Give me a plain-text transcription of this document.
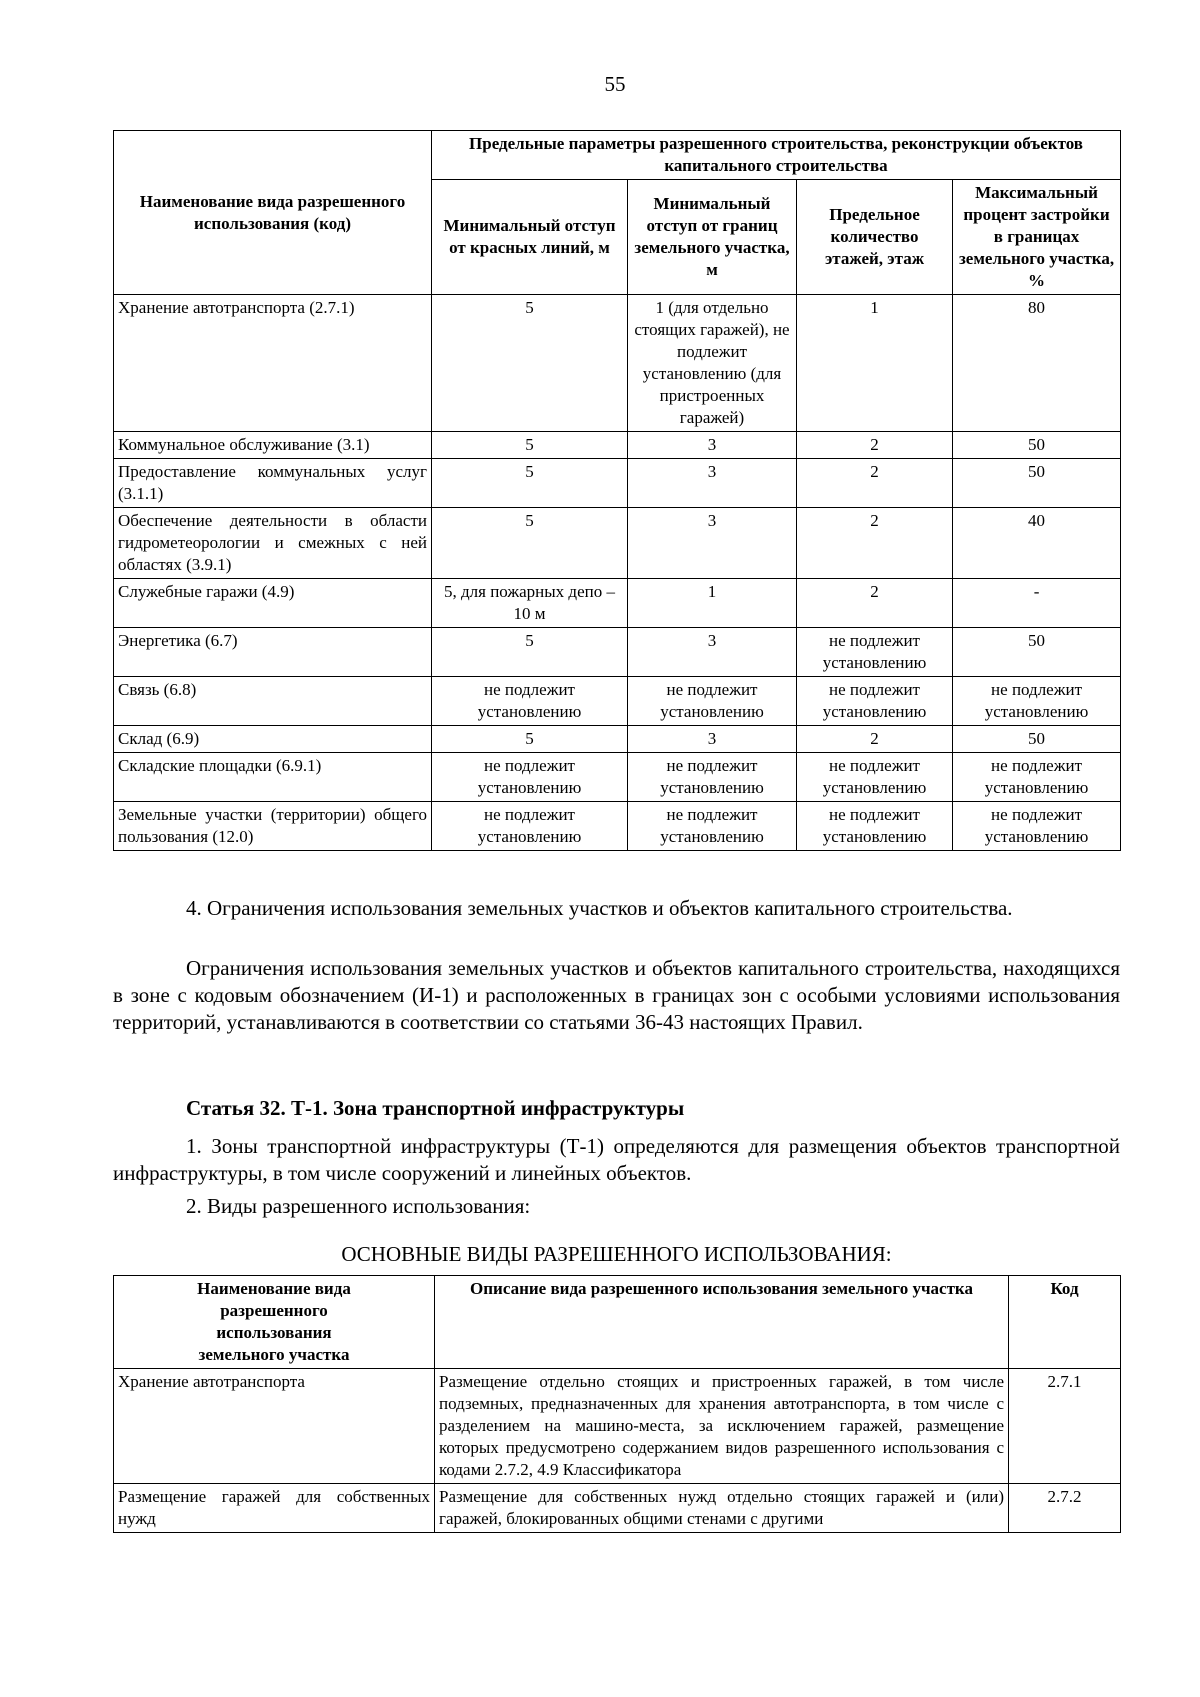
55
Наименование вида разрешенного использования (код)	Предельные параметры разрешенного строительства, реконструкции объектов капитального строительства			
	Минимальный отступ от красных линий, м	Минимальный отступ от границ земельного участка, м	Предельное количество этажей, этаж	Максимальный процент застройки в границах земельного участка, %
Хранение автотранспорта (2.7.1)	5	1 (для отдельно стоящих гаражей), не подлежит установлению (для пристроенных гаражей)	1	80
Коммунальное обслуживание (3.1)	5	3	2	50
Предоставление коммунальных услуг (3.1.1)	5	3	2	50
Обеспечение деятельности в области гидрометеорологии и смежных с ней областях (3.9.1)	5	3	2	40
Служебные гаражи (4.9)	5, для пожарных депо – 10 м	1	2	-
Энергетика (6.7)	5	3	не подлежит установлению	50
Связь (6.8)	не подлежит установлению	не подлежит установлению	не подлежит установлению	не подлежит установлению
Склад (6.9)	5	3	2	50
Складские площадки (6.9.1)	не подлежит установлению	не подлежит установлению	не подлежит установлению	не подлежит установлению
Земельные участки (территории) общего пользования (12.0)	не подлежит установлению	не подлежит установлению	не подлежит установлению	не подлежит установлению
4. Ограничения использования земельных участков и объектов капитального строительства.
Ограничения использования земельных участков и объектов капитального строительства, находящихся в зоне с кодовым обозначением (И-1) и расположенных в границах зон с особыми условиями использования территорий, устанавливаются в соответствии со статьями 36-43 настоящих Правил.
Статья 32. Т-1. Зона транспортной инфраструктуры
1. Зоны транспортной инфраструктуры (Т-1) определяются для размещения объектов транспортной инфраструктуры, в том числе сооружений и линейных объектов.
2. Виды разрешенного использования:
ОСНОВНЫЕ ВИДЫ РАЗРЕШЕННОГО ИСПОЛЬЗОВАНИЯ:
Наименование вида разрешенного использования земельного участка	Описание вида разрешенного использования земельного участка	Код
Хранение автотранспорта	Размещение отдельно стоящих и пристроенных гаражей, в том числе подземных, предназначенных для хранения автотранспорта, в том числе с разделением на машино-места, за исключением гаражей, размещение которых предусмотрено содержанием видов разрешенного использования с кодами 2.7.2, 4.9 Классификатора	2.7.1
Размещение гаражей для собственных нужд	Размещение для собственных нужд отдельно стоящих гаражей и (или) гаражей, блокированных общими стенами с другими	2.7.2
